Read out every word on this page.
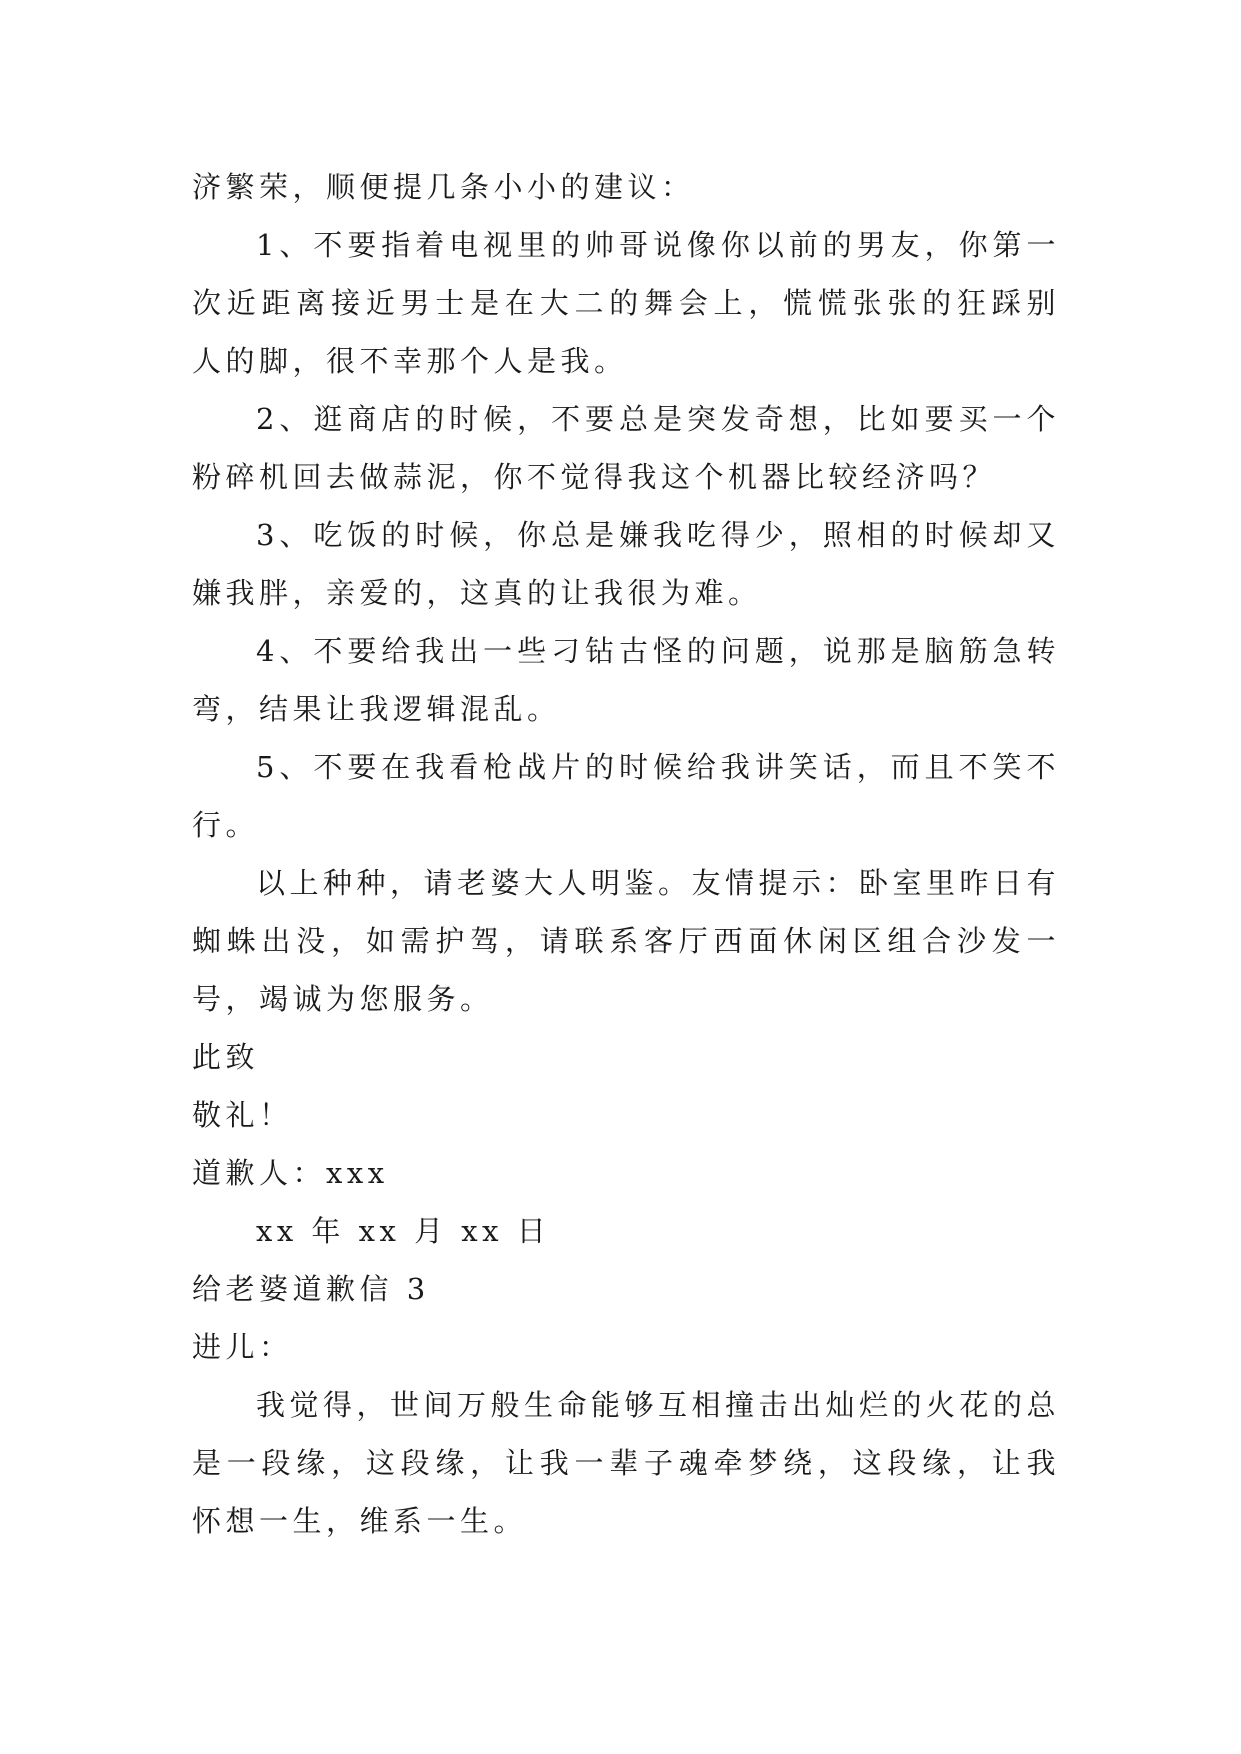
济繁荣，顺便提几条小小的建议：

1、不要指着电视里的帅哥说像你以前的男友，你第一次近距离接近男士是在大二的舞会上，慌慌张张的狂踩别人的脚，很不幸那个人是我。

2、逛商店的时候，不要总是突发奇想，比如要买一个粉碎机回去做蒜泥，你不觉得我这个机器比较经济吗？

3、吃饭的时候，你总是嫌我吃得少，照相的时候却又嫌我胖，亲爱的，这真的让我很为难。

4、不要给我出一些刁钻古怪的问题，说那是脑筋急转弯，结果让我逻辑混乱。

5、不要在我看枪战片的时候给我讲笑话，而且不笑不行。

以上种种，请老婆大人明鉴。友情提示：卧室里昨日有蜘蛛出没，如需护驾，请联系客厅西面休闲区组合沙发一号，竭诚为您服务。

此致

敬礼！

道歉人：xxx

xx 年 xx 月 xx 日

给老婆道歉信 3

进儿：

我觉得，世间万般生命能够互相撞击出灿烂的火花的总是一段缘，这段缘，让我一辈子魂牵梦绕，这段缘，让我怀想一生，维系一生。
